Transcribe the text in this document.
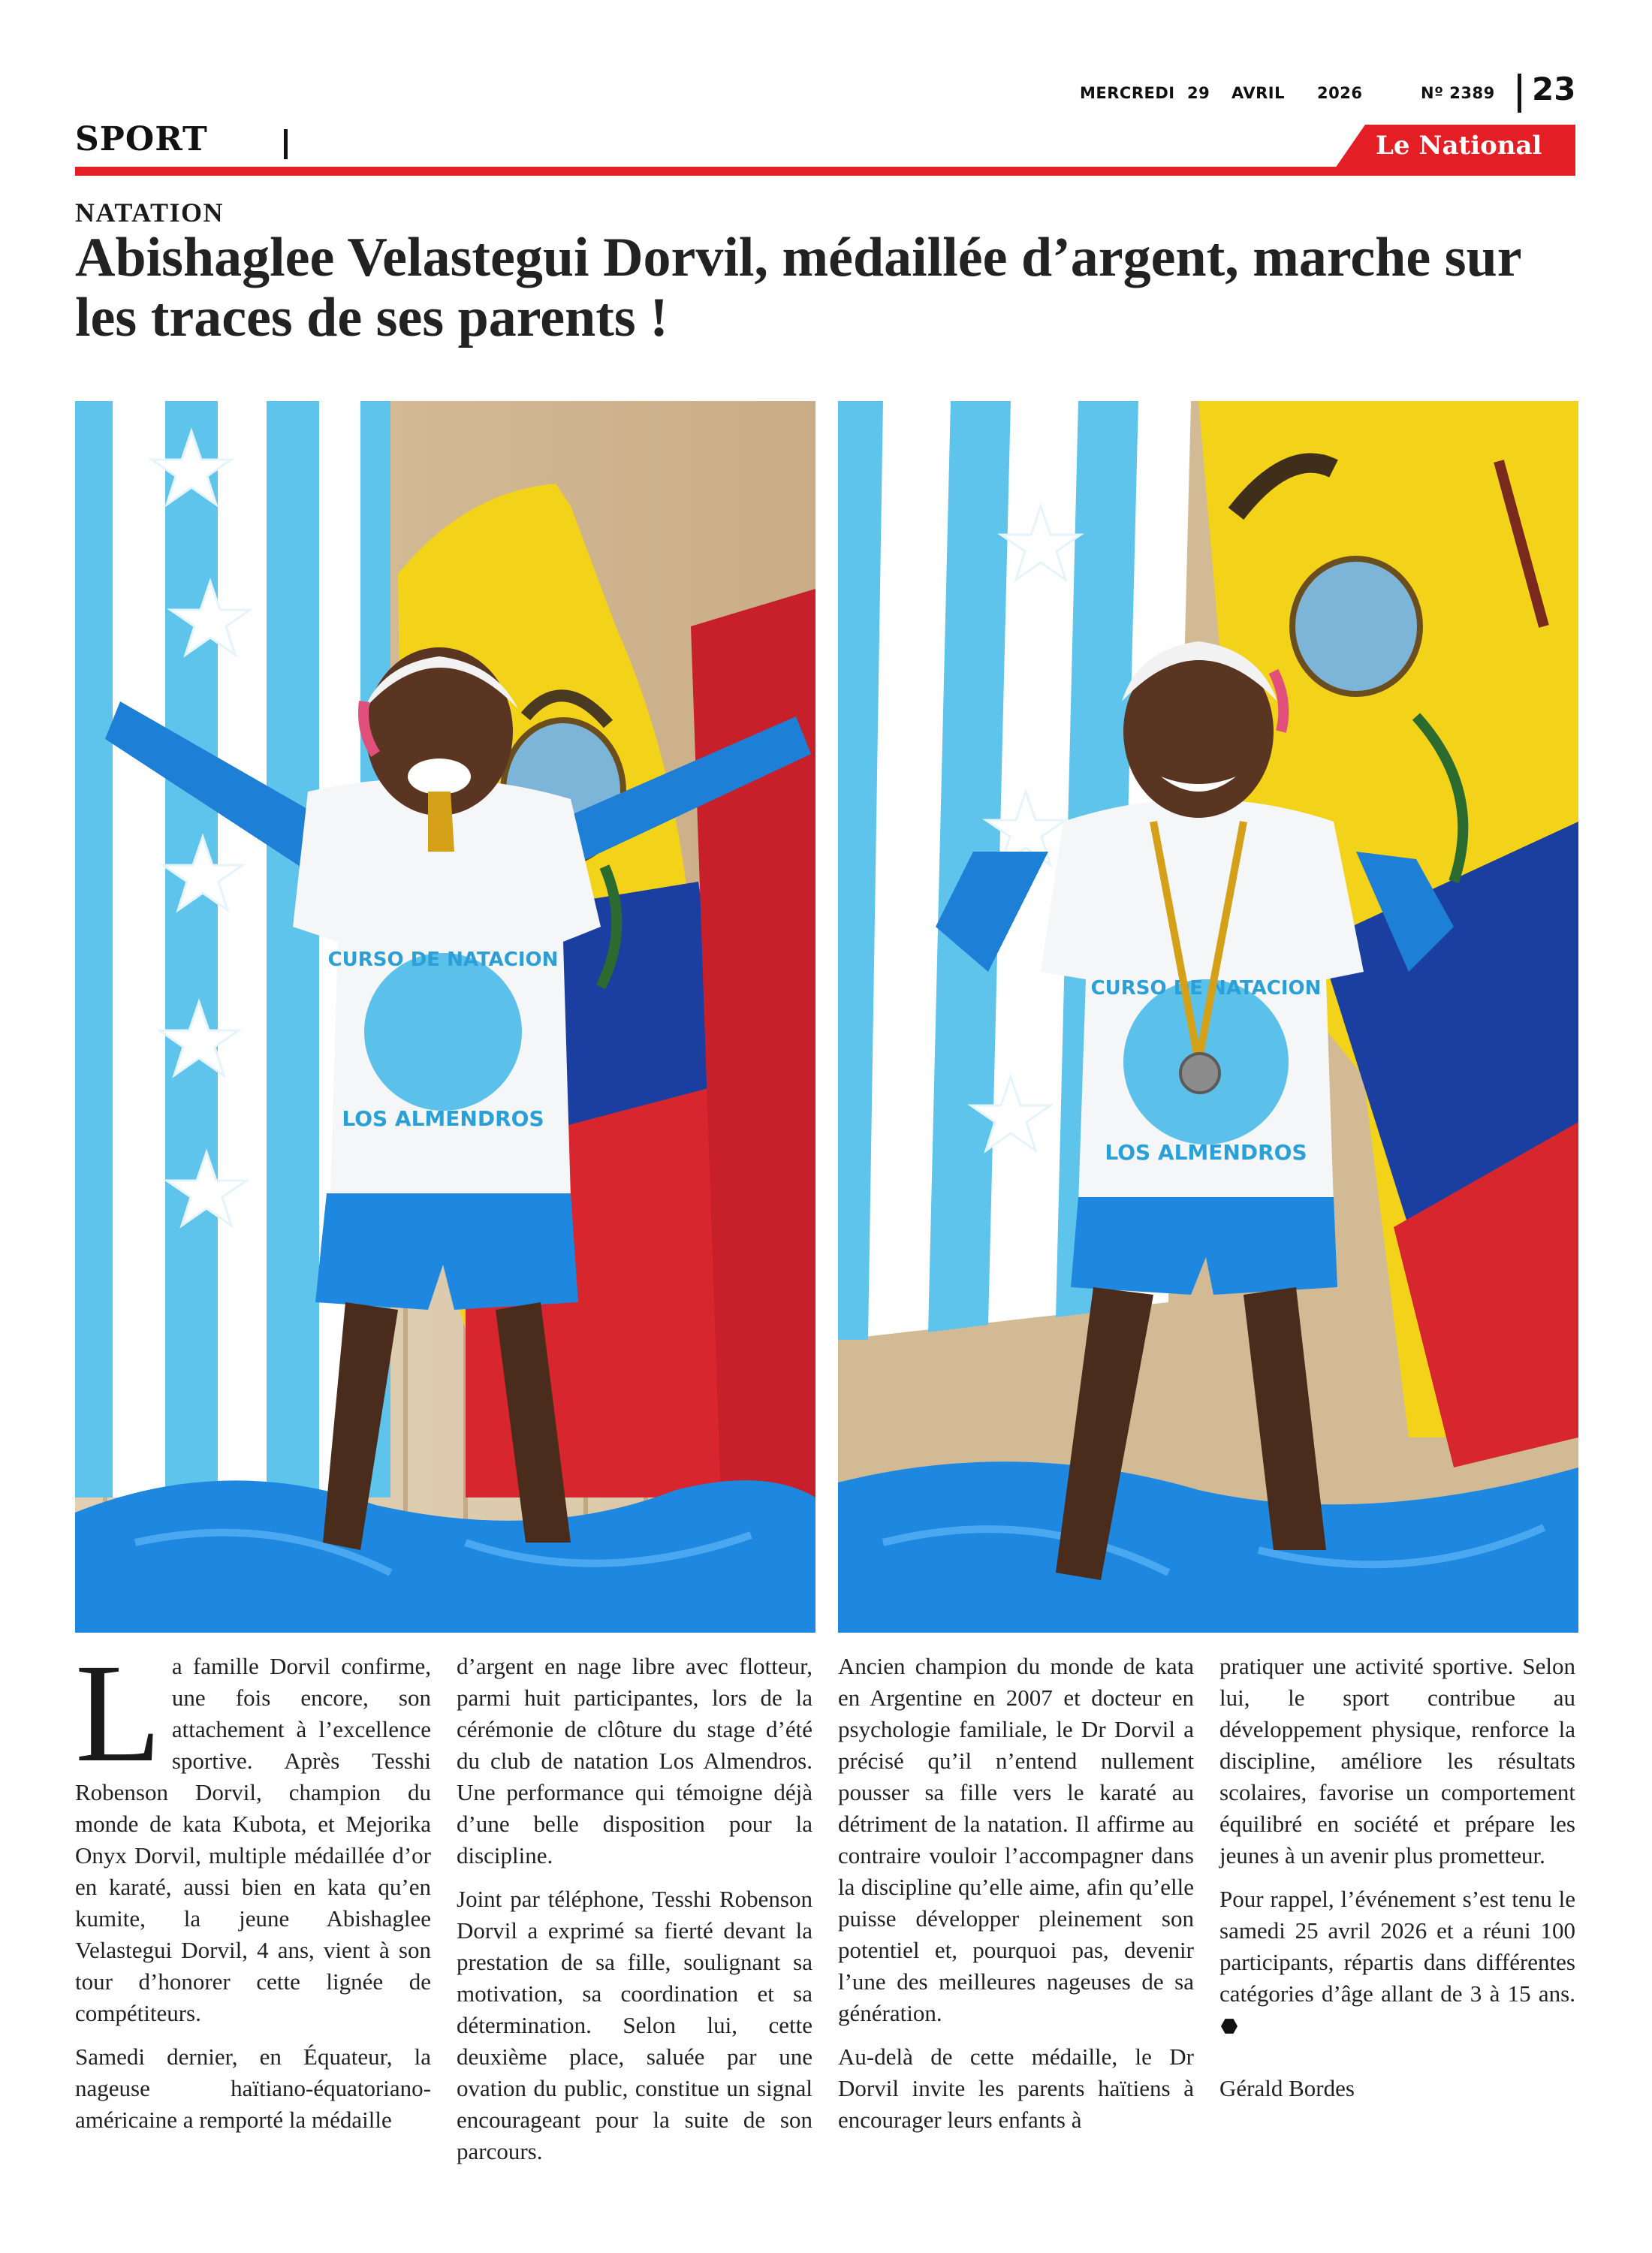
MERCREDI 29 AVRIL 2026	Nº 2389 23
SPORT	Le National
NATATION
Abishaglee Velastegui Dorvil, médaillée d’argent, marche sur les traces de ses parents !
CURSO DE NATACION
LOS ALMENDROS
CURSO DE NATACION
LOS ALMENDROS

La famille Dorvil confirme, une fois encore, son attachement à l’excellence sportive. Après Tesshi Robenson Dorvil, champion du monde de kata Kubota, et Mejorika Onyx Dorvil, multiple médaillée d’or en karaté, aussi bien en kata qu’en kumite, la jeune Abishaglee Velastegui Dorvil, 4 ans, vient à son tour d’honorer cette lignée de compétiteurs.

Samedi dernier, en Équateur, la nageuse haïtiano-équatoriano-américaine a remporté la médaille

d’argent en nage libre avec flotteur, parmi huit participantes, lors de la cérémonie de clôture du stage d’été du club de natation Los Almendros. Une performance qui témoigne déjà d’une belle disposition pour la discipline.

Joint par téléphone, Tesshi Robenson Dorvil a exprimé sa fierté devant la prestation de sa fille, soulignant sa motivation, sa coordination et sa détermination. Selon lui, cette deuxième place, saluée par une ovation du public, constitue un signal encourageant pour la suite de son parcours.

Ancien champion du monde de kata en Argentine en 2007 et docteur en psychologie familiale, le Dr Dorvil a précisé qu’il n’entend nullement pousser sa fille vers le karaté au détriment de la natation. Il affirme au contraire vouloir l’accompagner dans la discipline qu’elle aime, afin qu’elle puisse développer pleinement son potentiel et, pourquoi pas, devenir l’une des meilleures nageuses de sa génération.

Au-delà de cette médaille, le Dr Dorvil invite les parents haïtiens à encourager leurs enfants à

pratiquer une activité sportive. Selon lui, le sport contribue au développement physique, renforce la discipline, améliore les résultats scolaires, favorise un comportement équilibré en société et prépare les jeunes à un avenir plus prometteur.

Pour rappel, l’événement s’est tenu le samedi 25 avril 2026 et a réuni 100 participants, répartis dans différentes catégories d’âge allant de 3 à 15 ans.

Gérald Bordes
